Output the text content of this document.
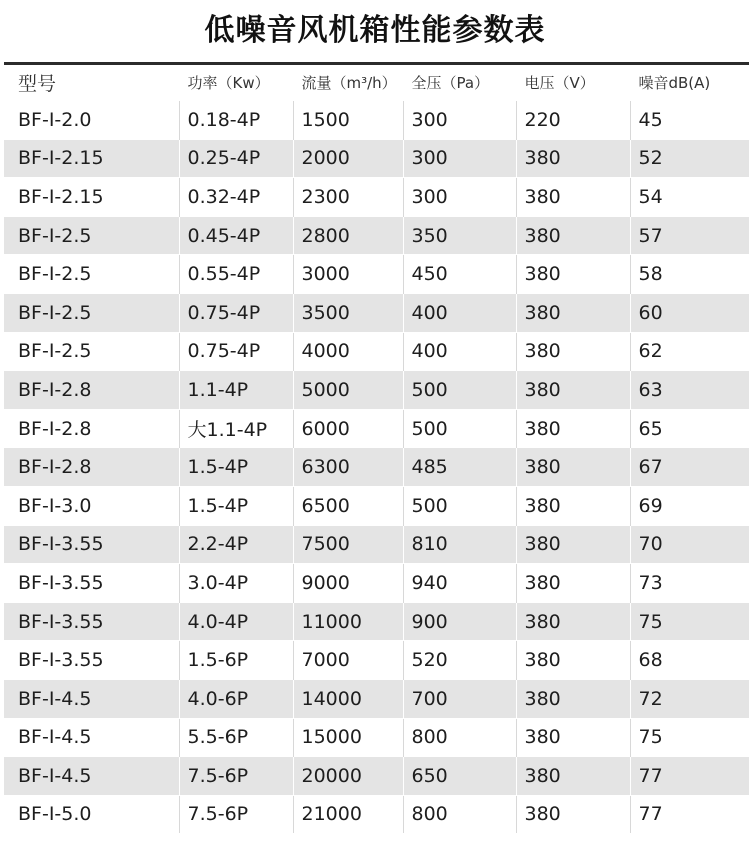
低噪音风机箱性能参数表
型号	功率（Kw）	流量（m³/h）	全压（Pa）	电压（V）	噪音dB(A)
BF-I-2.0	0.18-4P	1500	300	220	45
BF-I-2.15	0.25-4P	2000	300	380	52
BF-I-2.15	0.32-4P	2300	300	380	54
BF-I-2.5	0.45-4P	2800	350	380	57
BF-I-2.5	0.55-4P	3000	450	380	58
BF-I-2.5	0.75-4P	3500	400	380	60
BF-I-2.5	0.75-4P	4000	400	380	62
BF-I-2.8	1.1-4P	5000	500	380	63
BF-I-2.8	大1.1-4P	6000	500	380	65
BF-I-2.8	1.5-4P	6300	485	380	67
BF-I-3.0	1.5-4P	6500	500	380	69
BF-I-3.55	2.2-4P	7500	810	380	70
BF-I-3.55	3.0-4P	9000	940	380	73
BF-I-3.55	4.0-4P	11000	900	380	75
BF-I-3.55	1.5-6P	7000	520	380	68
BF-I-4.5	4.0-6P	14000	700	380	72
BF-I-4.5	5.5-6P	15000	800	380	75
BF-I-4.5	7.5-6P	20000	650	380	77
BF-I-5.0	7.5-6P	21000	800	380	77
